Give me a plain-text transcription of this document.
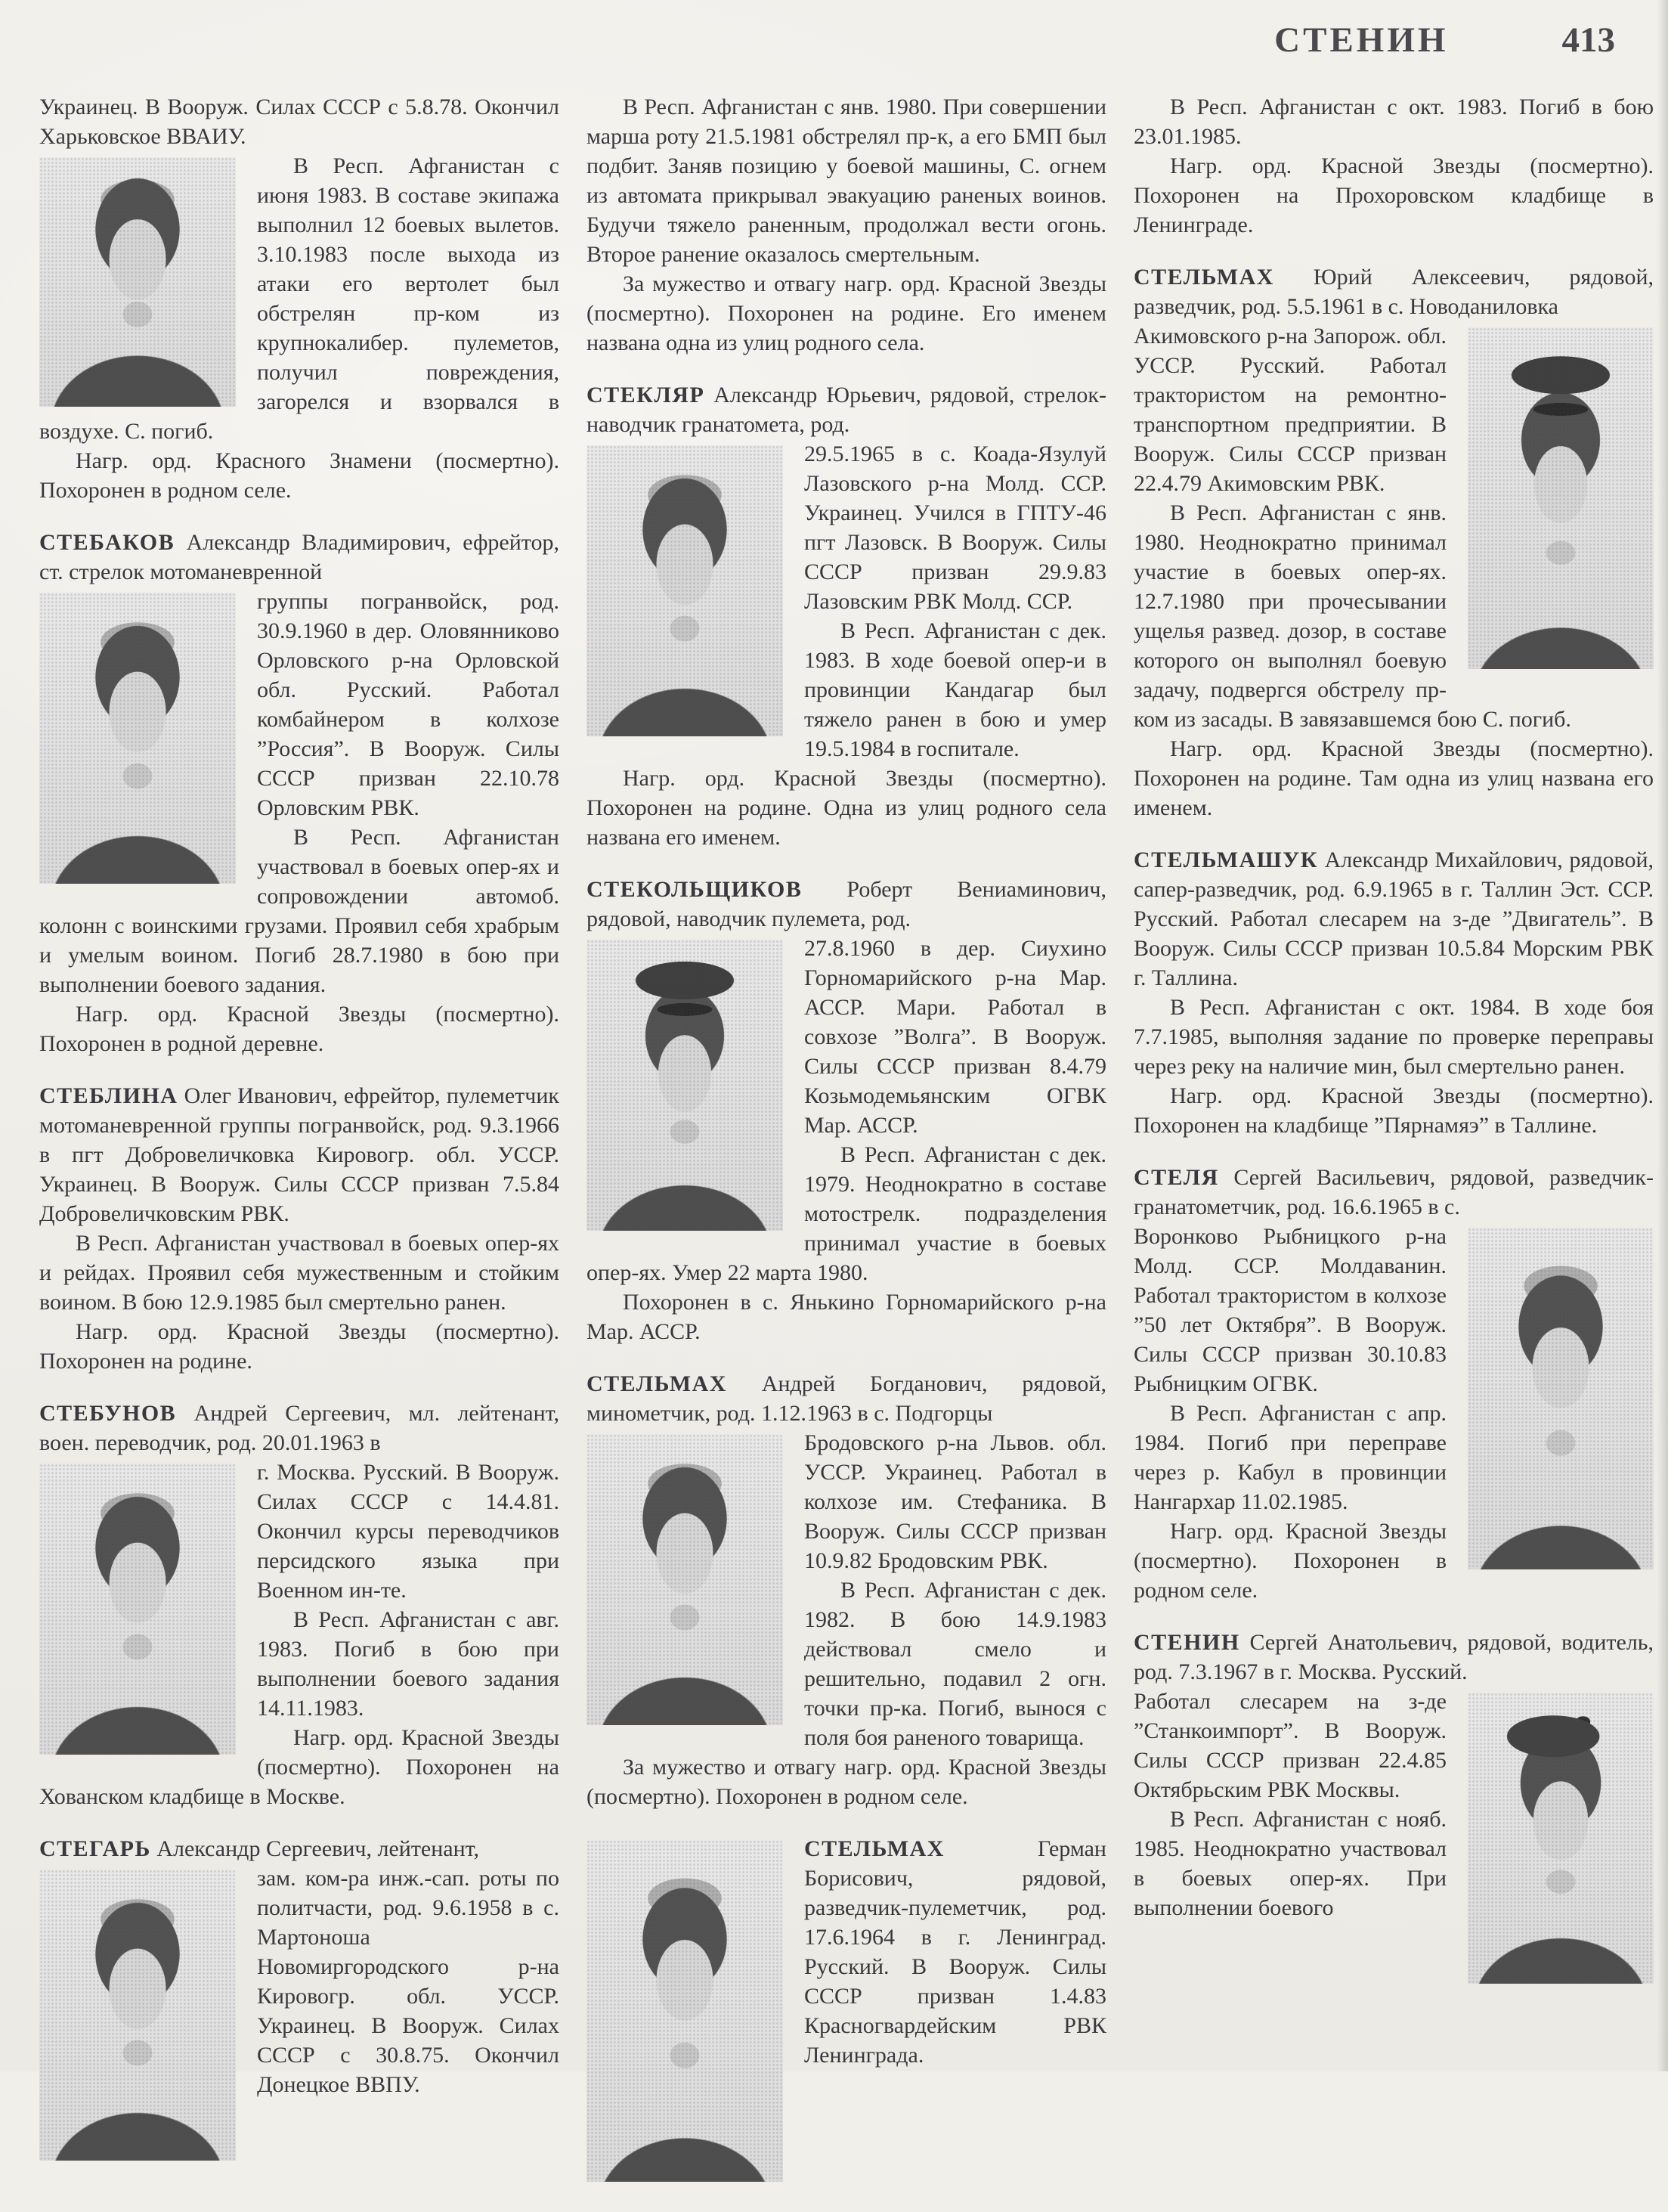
СТЕНИН	413

Украинец. В Вооруж. Силах СССР с 5.8.78. Окончил Харьковское ВВАИУ.

В Респ. Афганистан с июня 1983. В составе экипажа выполнил 12 боевых вылетов. 3.10.1983 после выхода из атаки его вертолет был обстрелян пр-ком из крупнокалибер. пулеметов, получил повреждения, загорелся и взорвался в воздухе. С. погиб.

Нагр. орд. Красного Знамени (посмертно). Похоронен в родном селе.

СТЕБАКОВ Александр Владимирович, ефрейтор, ст. стрелок мотоманевренной

группы погранвойск, род. 30.9.1960 в дер. Оловянниково Орловского р-на Орловской обл. Русский. Работал комбайнером в колхозе ”Россия”. В Вооруж. Силы СССР призван 22.10.78 Орловским РВК.

В Респ. Афганистан участвовал в боевых опер-ях и сопровождении автомоб. колонн с воинскими грузами. Проявил себя храбрым и умелым воином. Погиб 28.7.1980 в бою при выполнении боевого задания.

Нагр. орд. Красной Звезды (посмертно). Похоронен в родной деревне.

СТЕБЛИНА Олег Иванович, ефрейтор, пулеметчик мотоманевренной группы погранвойск, род. 9.3.1966 в пгт Добровеличковка Кировогр. обл. УССР. Украинец. В Вооруж. Силы СССР призван 7.5.84 Добровеличковским РВК.

В Респ. Афганистан участвовал в боевых опер-ях и рейдах. Проявил себя мужественным и стойким воином. В бою 12.9.1985 был смертельно ранен.

Нагр. орд. Красной Звезды (посмертно). Похоронен на родине.

СТЕБУНОВ Андрей Сергеевич, мл. лейтенант, воен. переводчик, род. 20.01.1963 в

г. Москва. Русский. В Вооруж. Силах СССР с 14.4.81. Окончил курсы переводчиков персидского языка при Военном ин-те.

В Респ. Афганистан с авг. 1983. Погиб в бою при выполнении боевого задания 14.11.1983.

Нагр. орд. Красной Звезды (посмертно). Похоронен на Хованском кладбище в Москве.

СТЕГАРЬ Александр Сергеевич, лейтенант,

зам. ком-ра инж.-сап. роты по политчасти, род. 9.6.1958 в с. Мартоноша Новомиргородского р-на Кировогр. обл. УССР. Украинец. В Вооруж. Силах СССР с 30.8.75. Окончил Донецкое ВВПУ.

В Респ. Афганистан с янв. 1980. При совершении марша роту 21.5.1981 обстрелял пр-к, а его БМП был подбит. Заняв позицию у боевой машины, С. огнем из автомата прикрывал эвакуацию раненых воинов. Будучи тяжело раненным, продолжал вести огонь. Второе ранение оказалось смертельным.

За мужество и отвагу нагр. орд. Красной Звезды (посмертно). Похоронен на родине. Его именем названа одна из улиц родного села.

СТЕКЛЯР Александр Юрьевич, рядовой, стрелок-наводчик гранатомета, род.

29.5.1965 в с. Коада-Язулуй Лазовского р-на Молд. ССР. Украинец. Учился в ГПТУ-46 пгт Лазовск. В Вооруж. Силы СССР призван 29.9.83 Лазовским РВК Молд. ССР.

В Респ. Афганистан с дек. 1983. В ходе боевой опер-и в провинции Кандагар был тяжело ранен в бою и умер 19.5.1984 в госпитале.

Нагр. орд. Красной Звезды (посмертно). Похоронен на родине. Одна из улиц родного села названа его именем.

СТЕКОЛЬЩИКОВ Роберт Вениаминович, рядовой, наводчик пулемета, род.

27.8.1960 в дер. Сиухино Горномарийского р-на Мар. АССР. Мари. Работал в совхозе ”Волга”. В Вооруж. Силы СССР призван 8.4.79 Козьмодемьянским ОГВК Мар. АССР.

В Респ. Афганистан с дек. 1979. Неоднократно в составе мотострелк. подразделения принимал участие в боевых опер-ях. Умер 22 марта 1980.

Похоронен в с. Янькино Горномарийского р-на Мар. АССР.

СТЕЛЬМАХ Андрей Богданович, рядовой, минометчик, род. 1.12.1963 в с. Подгорцы

Бродовского р-на Львов. обл. УССР. Украинец. Работал в колхозе им. Стефаника. В Вооруж. Силы СССР призван 10.9.82 Бродовским РВК.

В Респ. Афганистан с дек. 1982. В бою 14.9.1983 действовал смело и решительно, подавил 2 огн. точки пр-ка. Погиб, вынося с поля боя раненого товарища.

За мужество и отвагу нагр. орд. Красной Звезды (посмертно). Похоронен в родном селе.

СТЕЛЬМАХ Герман Борисович, рядовой, разведчик-пулеметчик, род. 17.6.1964 в г. Ленинград. Русский. В Вооруж. Силы СССР призван 1.4.83 Красногвардейским РВК Ленинграда.

В Респ. Афганистан с окт. 1983. Погиб в бою 23.01.1985.

Нагр. орд. Красной Звезды (посмертно). Похоронен на Прохоровском кладбище в Ленинграде.

СТЕЛЬМАХ Юрий Алексеевич, рядовой, разведчик, род. 5.5.1961 в с. Новоданиловка

Акимовского р-на Запорож. обл. УССР. Русский. Работал трактористом на ремонтно-транспортном предприятии. В Вооруж. Силы СССР призван 22.4.79 Акимовским РВК.

В Респ. Афганистан с янв. 1980. Неоднократно принимал участие в боевых опер-ях. 12.7.1980 при прочесывании ущелья развед. дозор, в составе которого он выполнял боевую задачу, подвергся обстрелу пр-ком из засады. В завязавшемся бою С. погиб.

Нагр. орд. Красной Звезды (посмертно). Похоронен на родине. Там одна из улиц названа его именем.

СТЕЛЬМАШУК Александр Михайлович, рядовой, сапер-разведчик, род. 6.9.1965 в г. Таллин Эст. ССР. Русский. Работал слесарем на з-де ”Двигатель”. В Вооруж. Силы СССР призван 10.5.84 Морским РВК г. Таллина.

В Респ. Афганистан с окт. 1984. В ходе боя 7.7.1985, выполняя задание по проверке переправы через реку на наличие мин, был смертельно ранен.

Нагр. орд. Красной Звезды (посмертно). Похоронен на кладбище ”Пярнамяэ” в Таллине.

СТЕЛЯ Сергей Васильевич, рядовой, разведчик-гранатометчик, род. 16.6.1965 в с.

Воронково Рыбницкого р-на Молд. ССР. Молдаванин. Работал трактористом в колхозе ”50 лет Октября”. В Вооруж. Силы СССР призван 30.10.83 Рыбницким ОГВК.

В Респ. Афганистан с апр. 1984. Погиб при переправе через р. Кабул в провинции Нангархар 11.02.1985.

Нагр. орд. Красной Звезды (посмертно). Похоронен в родном селе.

СТЕНИН Сергей Анатольевич, рядовой, водитель, род. 7.3.1967 в г. Москва. Русский.

Работал слесарем на з-де ”Станкоимпорт”. В Вооруж. Силы СССР призван 22.4.85 Октябрьским РВК Москвы.

В Респ. Афганистан с нояб. 1985. Неоднократно участвовал в боевых опер-ях. При выполнении боевого
